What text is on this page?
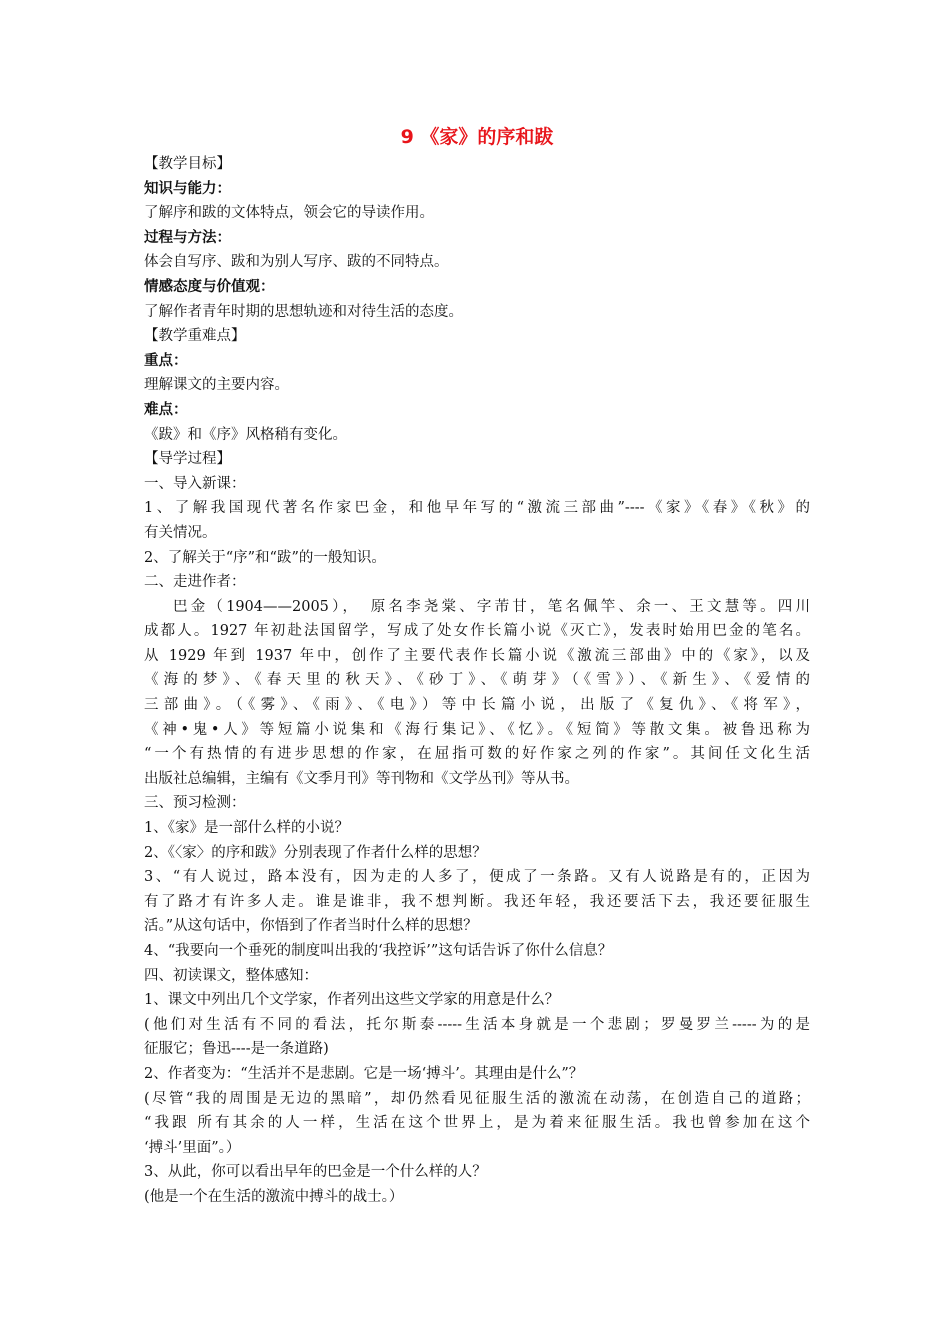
9 《家》的序和跋
【教学目标】
知识与能力：
了解序和跋的文体特点，领会它的导读作用。
过程与方法：
体会自写序、跋和为别人写序、跋的不同特点。
情感态度与价值观：
了解作者青年时期的思想轨迹和对待生活的态度。
【教学重难点】
重点：
理解课文的主要内容。
难点：
《跋》和《序》风格稍有变化。
【导学过程】
一、导入新课：
1、了解我国现代著名作家巴金，和他早年写的“激流三部曲”----《家》《春》《秋》的
有关情况。
2、了解关于“序”和“跋”的一般知识。
二、走进作者：
巴金（1904——2005），　原名李尧棠、字芾甘，笔名佩竿、余一、王文慧等。四川
成都人。1927 年初赴法国留学，写成了处女作长篇小说《灭亡》，发表时始用巴金的笔名。
从 1929 年到 1937 年中，创作了主要代表作长篇小说《激流三部曲》中的《家》，以及
《海的梦》、《春天里的秋天》、《砂丁》、《萌芽》（《雪》）、《新生》、《爱情的
三部曲》。（《雾》、《雨》、《电》）等中长篇小说，出版了《复仇》、《将军》，
《神•鬼•人》等短篇小说集和《海行集记》、《忆》。《短简》等散文集。被鲁迅称为
“一个有热情的有进步思想的作家，在屈指可数的好作家之列的作家”。其间任文化生活
出版社总编辑，主编有《文季月刊》等刊物和《文学丛刊》等从书。
三、预习检测：
1、《家》是一部什么样的小说？
2、《〈家〉的序和跋》分别表现了作者什么样的思想？
3、“有人说过，路本没有，因为走的人多了，便成了一条路。又有人说路是有的，正因为
有了路才有许多人走。谁是谁非，我不想判断。我还年轻，我还要活下去，我还要征服生
活。”从这句话中，你悟到了作者当时什么样的思想？
4、“我要向一个垂死的制度叫出我的‘我控诉’”这句话告诉了你什么信息？
四、初读课文，整体感知：
1、课文中列出几个文学家，作者列出这些文学家的用意是什么？
(他们对生活有不同的看法，托尔斯泰-----生活本身就是一个悲剧；罗曼罗兰-----为的是
征服它；鲁迅----是一条道路)
2、作者变为：“生活并不是悲剧。它是一场‘搏斗’。其理由是什么”？
(尽管“我的周围是无边的黑暗”，却仍然看见征服生活的激流在动荡，在创造自己的道路；
“我跟 所有其余的人一样，生活在这个世界上，是为着来征服生活。我也曾参加在这个
‘搏斗’里面”。）
3、从此，你可以看出早年的巴金是一个什么样的人？
(他是一个在生活的激流中搏斗的战士。）
